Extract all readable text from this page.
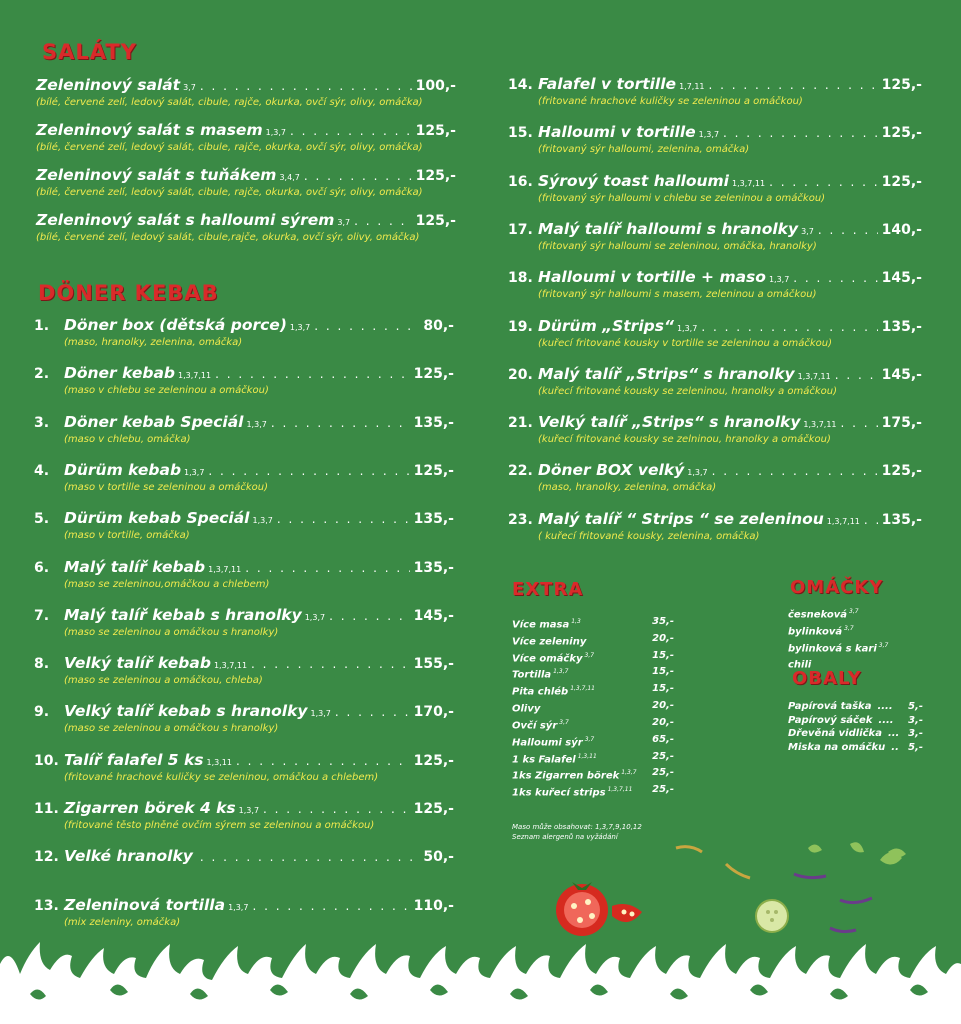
SALÁTY
Zeleninový salát 3,7 . . .	100,-
(bílé, červené zelí, ledový salát, cibule, rajče, okurka, ovčí sýr, olivy, omáčka)
Zeleninový salát s masem 1,3,7 . . .	125,-
(bílé, červené zelí, ledový salát, cibule, rajče, okurka, ovčí sýr, olivy, omáčka)
Zeleninový salát s tuňákem 3,4,7 . . .	125,-
(bílé, červené zelí, ledový salát, cibule, rajče, okurka, ovčí sýr, olivy, omáčka)
Zeleninový salát s halloumi sýrem 3,7 . . .	125,-
(bílé, červené zelí, ledový salát, cibule,rajče, okurka, ovčí sýr, olivy, omáčka)
DÖNER KEBAB
1. Döner box (dětská porce) 1,3,7 . . .	80,-
(maso, hranolky, zelenina, omáčka)
2. Döner kebab 1,3,7,11 . . .	125,-
(maso v chlebu se zeleninou a omáčkou)
3. Döner kebab Speciál 1,3,7 . . .	135,-
(maso v chlebu, omáčka)
4. Dürüm kebab 1,3,7 . . .	125,-
(maso v tortille se zeleninou a omáčkou)
5. Dürüm kebab Speciál 1,3,7 . . .	135,-
(maso v tortille, omáčka)
6. Malý talíř kebab 1,3,7,11 . . .	135,-
(maso se zeleninou,omáčkou a chlebem)
7. Malý talíř kebab s hranolky 1,3,7 . . .	145,-
(maso se zeleninou a omáčkou s hranolky)
8. Velký talíř kebab 1,3,7,11 . . .	155,-
(maso se zeleninou a omáčkou, chleba)
9. Velký talíř kebab s hranolky 1,3,7 . . .	170,-
(maso se zeleninou a omáčkou s hranolky)
10. Talíř falafel 5 ks 1,3,11 . . .	125,-
(fritované hrachové kuličky se zeleninou, omáčkou a chlebem)
11. Zigarren börek 4 ks 1,3,7 . . .	125,-
(fritované těsto plněné ovčím sýrem se zeleninou a omáčkou)
12. Velké hranolky . . .	50,-
13. Zeleninová tortilla 1,3,7 . . .	110,-
(mix zeleniny, omáčka)
14. Falafel v tortille 1,7,11 . . .	125,-
(fritované hrachové kuličky se zeleninou a omáčkou)
15. Halloumi v tortille 1,3,7 . . .	125,-
(fritovaný sýr halloumi, zelenina, omáčka)
16. Sýrový toast halloumi 1,3,7,11 . . .	125,-
(fritovaný sýr halloumi v chlebu se zeleninou a omáčkou)
17. Malý talíř halloumi s hranolky 3,7 . . .	140,-
(fritovaný sýr halloumi se zeleninou, omáčka, hranolky)
18. Halloumi v tortille + maso 1,3,7 . . .	145,-
(fritovaný sýr halloumi s masem, zeleninou a omáčkou)
19. Dürüm „Strips“ 1,3,7 . . .	135,-
(kuřecí fritované kousky v tortille se zeleninou a omáčkou)
20. Malý talíř „Strips“ s hranolky 1,3,7,11 . . .	145,-
(kuřecí fritované kousky se zeleninou, hranolky a omáčkou)
21. Velký talíř „Strips“ s hranolky 1,3,7,11 . . .	175,-
(kuřecí fritované kousky se zelninou, hranolky a omáčkou)
22. Döner BOX velký 1,3,7 . . .	125,-
(maso, hranolky, zelenina, omáčka)
23. Malý talíř “ Strips “ se zeleninou 1,3,7,11 . . . 135,-
( kuřecí fritované kousky, zelenina, omáčka)
EXTRA
Více masa $^{1,3}$	35,-
Více zeleniny	20,-
Více omáčky $^{3,7}$	15,-
Tortilla $^{1,3,7}$	15,-
Pita chléb $^{1,3,7,11}$	15,-
Olivy	20,-
Ovčí sýr $^{3,7}$	20,-
Halloumi sýr $^{3,7}$	65,-
1 ks Falafel $^{1,3,11}$	25,-
1ks Zigarren börek $^{1,3,7}$	25,-
1ks kuřecí strips $^{1,3,7,11}$	25,-
Maso může obsahovat: 1,3,7,9,10,12
Seznam alergenů na vyžádání
OMÁČKY
česneková $^{3,7}$
bylinková $^{3,7}$
bylinková s kari $^{3,7}$
chili
OBALY
Papírová taška ....	5,-
Papírový sáček ....	3,-
Dřevěná vidlička ... 3,-
Miska na omáčku .. 5,-
